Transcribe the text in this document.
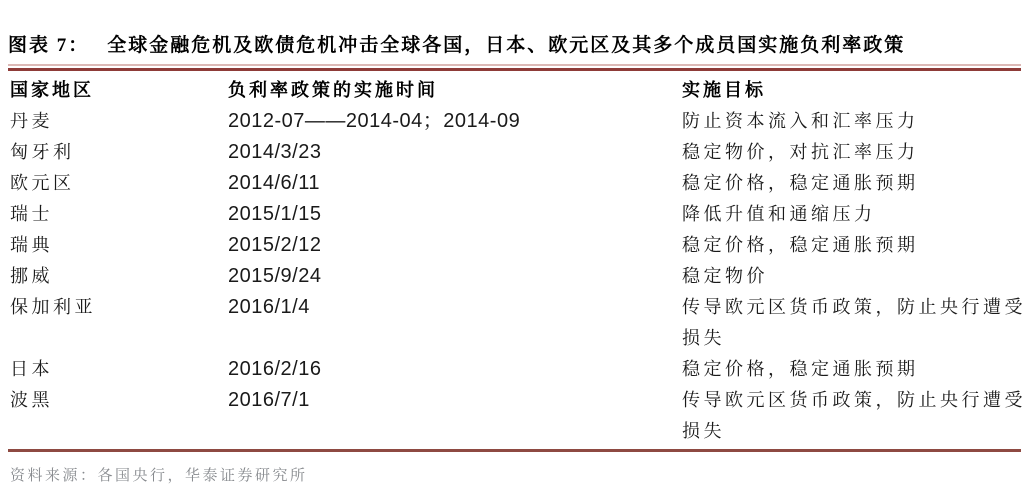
图表 7： 全球金融危机及欧债危机冲击全球各国，日本、欧元区及其多个成员国实施负利率政策
国家地区	负利率政策的实施时间	实施目标
丹麦	2012-07——2014-04；2014-09	防止资本流入和汇率压力
匈牙利	2014/3/23	稳定物价，对抗汇率压力
欧元区	2014/6/11	稳定价格，稳定通胀预期
瑞士	2015/1/15	降低升值和通缩压力
瑞典	2015/2/12	稳定价格，稳定通胀预期
挪威	2015/9/24	稳定物价
保加利亚	2016/1/4	传导欧元区货币政策，防止央行遭受损失
日本	2016/2/16	稳定价格，稳定通胀预期
波黑	2016/7/1	传导欧元区货币政策，防止央行遭受损失
资料来源：各国央行，华泰证券研究所
